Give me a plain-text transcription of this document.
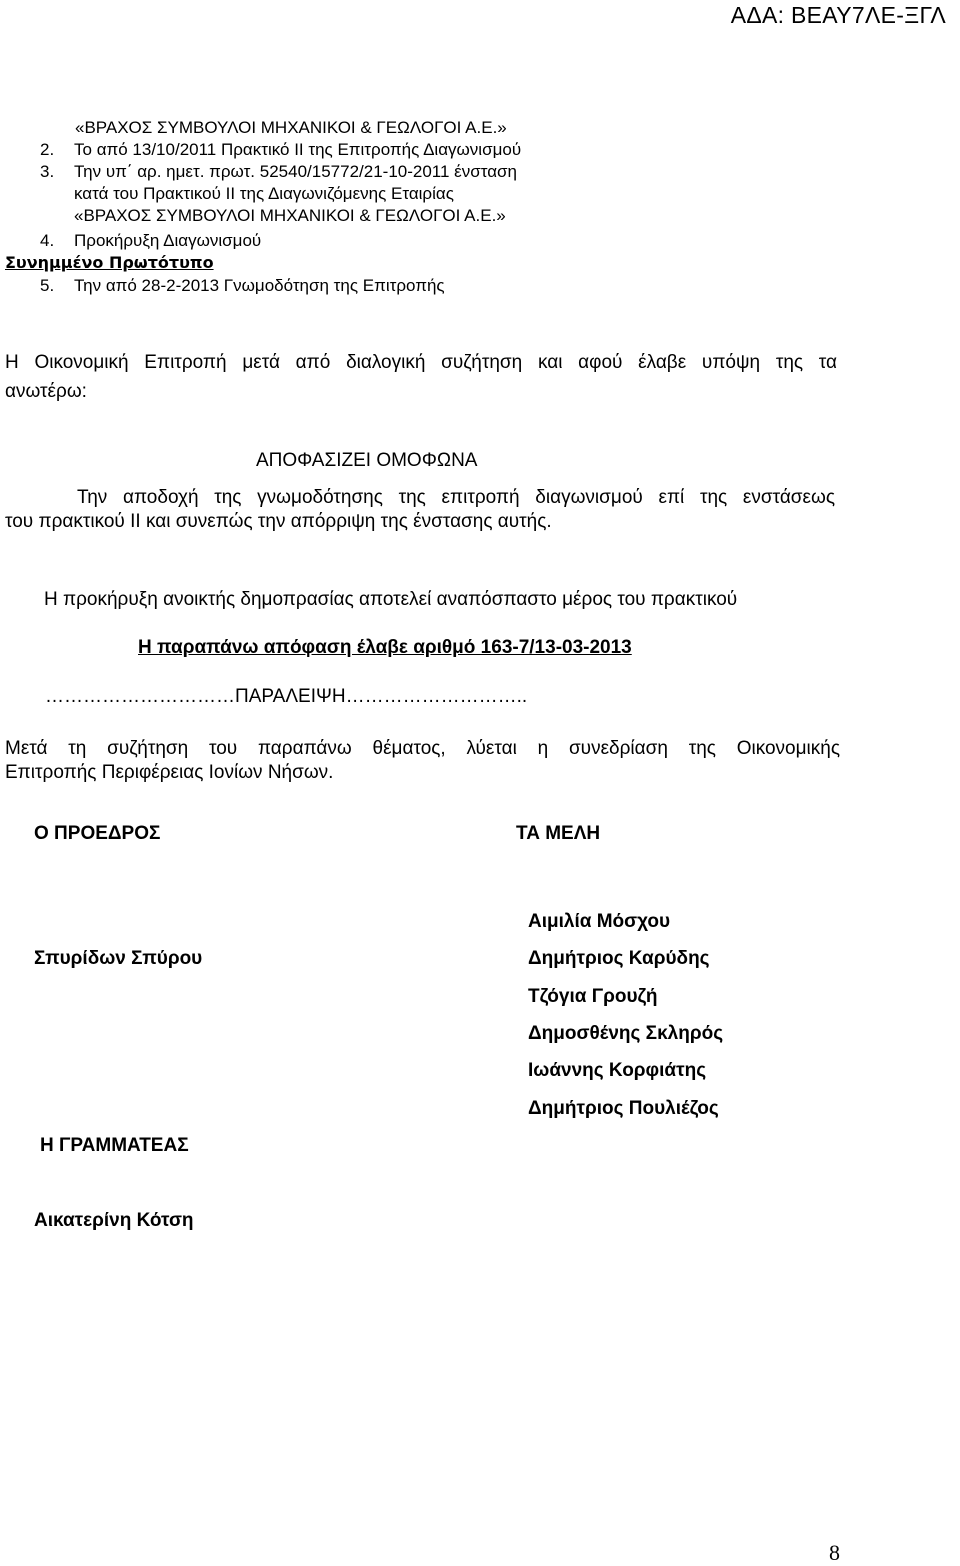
ΑΔΑ: ΒΕΑΥ7ΛΕ-ΞΓΛ
«ΒΡΑΧΟΣ ΣΥΜΒΟΥΛΟΙ ΜΗΧΑΝΙΚΟΙ & ΓΕΩΛΟΓΟΙ Α.Ε.»
2. Το από 13/10/2011 Πρακτικό ΙΙ της Επιτροπής Διαγωνισμού
3. Την υπ΄ αρ. ημετ. πρωτ. 52540/15772/21-10-2011 ένσταση
κατά του Πρακτικού ΙΙ της Διαγωνιζόμενης Εταιρίας
«ΒΡΑΧΟΣ ΣΥΜΒΟΥΛΟΙ ΜΗΧΑΝΙΚΟΙ & ΓΕΩΛΟΓΟΙ Α.Ε.»
4. Προκήρυξη Διαγωνισμού
Συνημμένο Πρωτότυπο
5. Την από 28-2-2013 Γνωμοδότηση της Επιτροπής
Η Οικονομική Επιτροπή μετά από διαλογική συζήτηση και αφού έλαβε υπόψη της τα
ανωτέρω:
ΑΠΟΦΑΣΙΖΕΙ ΟΜΟΦΩΝΑ
Την αποδοχή της γνωμοδότησης της επιτροπή διαγωνισμού επί της ενστάσεως
του πρακτικού ΙΙ και συνεπώς την απόρριψη της ένστασης αυτής.
Η προκήρυξη ανοικτής δημοπρασίας αποτελεί αναπόσπαστο μέρος του πρακτικού
Η παραπάνω απόφαση έλαβε αριθμό 163-7/13-03-2013
…………………………ΠΑΡΑΛΕΙΨΗ………………………..
Μετά τη συζήτηση του παραπάνω θέματος, λύεται η συνεδρίαση της Οικονομικής
Επιτροπής Περιφέρειας Ιονίων Νήσων.
Ο ΠΡΟΕΔΡΟΣ	ΤΑ ΜΕΛΗ
Σπυρίδων Σπύρου
Αιμιλία Μόσχου
Δημήτριος Καρύδης
Τζόγια Γρουζή
Δημοσθένης Σκληρός
Ιωάννης Κορφιάτης
Δημήτριος Πουλιέζος
Η ΓΡΑΜΜΑΤΕΑΣ
Αικατερίνη Κότση
8
